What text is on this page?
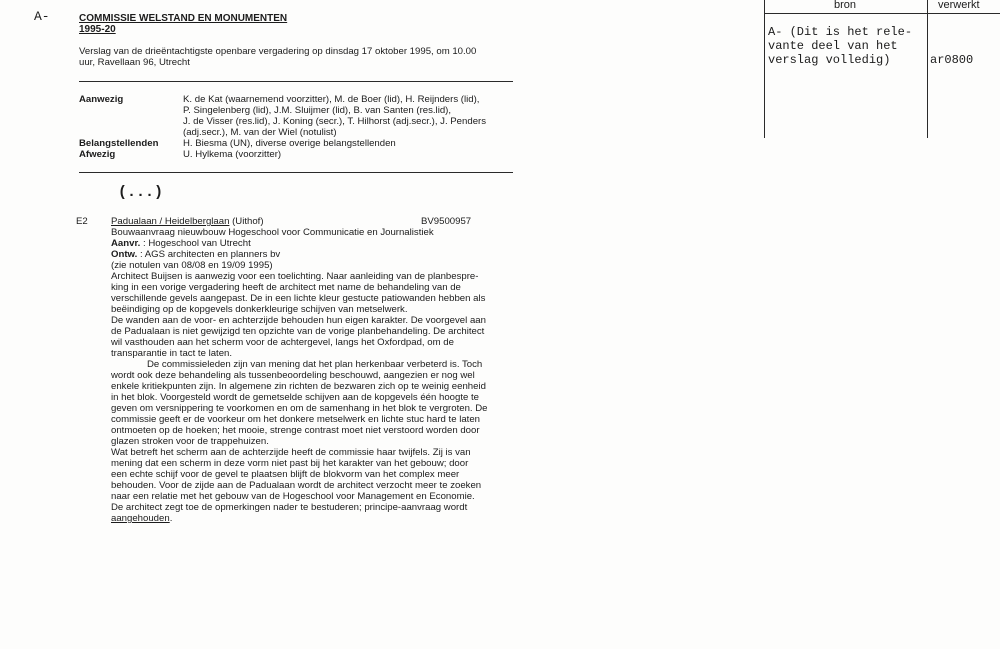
A-	COMMISSIE WELSTAND EN MONUMENTEN
1995-20
Verslag van de drieëntachtigste openbare vergadering op dinsdag 17 oktober 1995, om 10.00
uur, Ravellaan 96, Utrecht
Aanwezig	K. de Kat (waarnemend voorzitter), M. de Boer (lid), H. Reijnders (lid),
P. Singelenberg (lid), J.M. Sluijmer (lid), B. van Santen (res.lid),
J. de Visser (res.lid), J. Koning (secr.), T. Hilhorst (adj.secr.), J. Penders
(adj.secr.), M. van der Wiel (notulist)
Belangstellenden	H. Biesma (UN), diverse overige belangstellenden
Afwezig	U. Hylkema (voorzitter)
(...)
E2 Padualaan / Heidelberglaan (Uithof)	BV9500957
Bouwaanvraag nieuwbouw Hogeschool voor Communicatie en Journalistiek
Aanvr. : Hogeschool van Utrecht
Ontw. : AGS architecten en planners bv
(zie notulen van 08/08 en 19/09 1995)
Architect Buijsen is aanwezig voor een toelichting. Naar aanleiding van de planbespre-
king in een vorige vergadering heeft de architect met name de behandeling van de
verschillende gevels aangepast. De in een lichte kleur gestucte patiowanden hebben als
beëindiging op de kopgevels donkerkleurige schijven van metselwerk.
De wanden aan de voor- en achterzijde behouden hun eigen karakter. De voorgevel aan
de Padualaan is niet gewijzigd ten opzichte van de vorige planbehandeling. De architect
wil vasthouden aan het scherm voor de achtergevel, langs het Oxfordpad, om de
transparantie in tact te laten.
De commissieleden zijn van mening dat het plan herkenbaar verbeterd is. Toch
wordt ook deze behandeling als tussenbeoordeling beschouwd, aangezien er nog wel
enkele kritiekpunten zijn. In algemene zin richten de bezwaren zich op te weinig eenheid
in het blok. Voorgesteld wordt de gemetselde schijven aan de kopgevels één hoogte te
geven om versnippering te voorkomen en om de samenhang in het blok te vergroten. De
commissie geeft er de voorkeur om het donkere metselwerk en lichte stuc hard te laten
ontmoeten op de hoeken; het mooie, strenge contrast moet niet verstoord worden door
glazen stroken voor de trappehuizen.
Wat betreft het scherm aan de achterzijde heeft de commissie haar twijfels. Zij is van
mening dat een scherm in deze vorm niet past bij het karakter van het gebouw; door
een echte schijf voor de gevel te plaatsen blijft de blokvorm van het complex meer
behouden. Voor de zijde aan de Padualaan wordt de architect verzocht meer te zoeken
naar een relatie met het gebouw van de Hogeschool voor Management en Economie.
De architect zegt toe de opmerkingen nader te bestuderen; principe-aanvraag wordt
aangehouden.
bron	verwerkt
A- (Dit is het rele-
vante deel van het
verslag volledig)	ar0800
